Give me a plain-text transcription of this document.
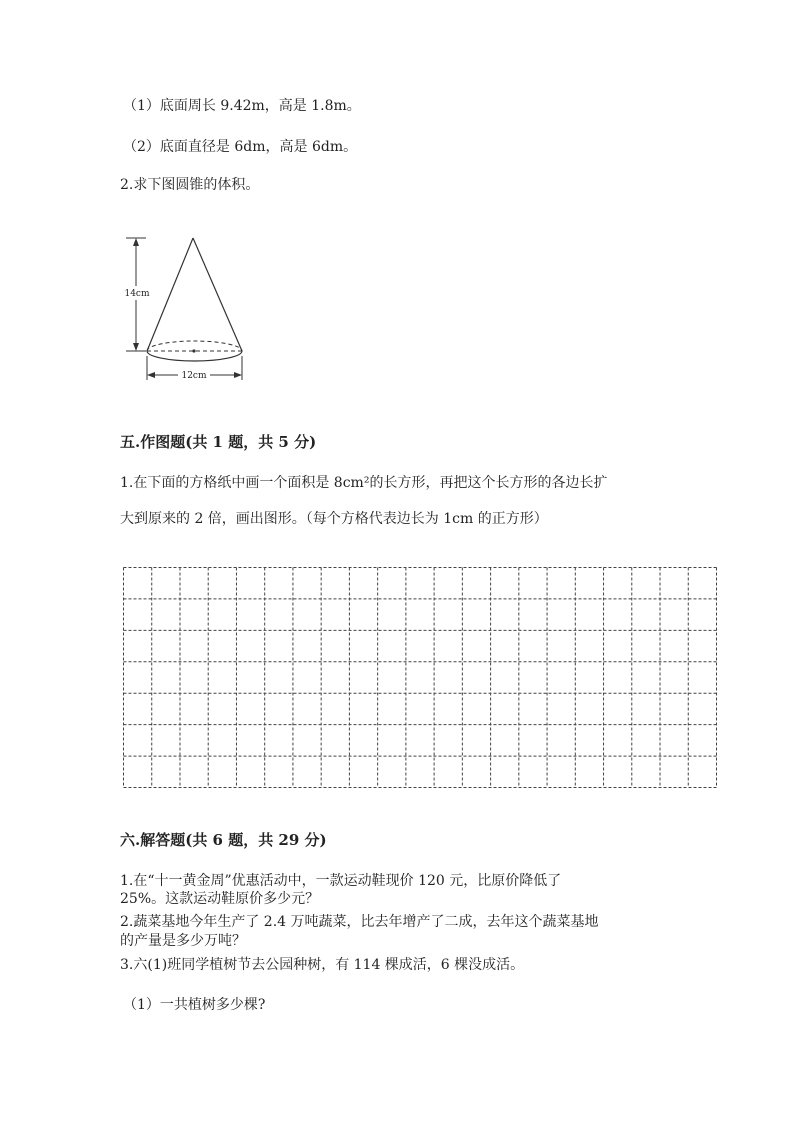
（1）底面周长 9.42m，高是 1.8m。
（2）底面直径是 6dm，高是 6dm。
2.求下图圆锥的体积。
14cm
12cm
五.作图题(共 1 题，共 5 分)
1.在下面的方格纸中画一个面积是 8cm²的长方形，再把这个长方形的各边长扩
大到原来的 2 倍，画出图形。（每个方格代表边长为 1cm 的正方形）
六.解答题(共 6 题，共 29 分)
1.在“十一黄金周”优惠活动中，一款运动鞋现价 120 元，比原价降低了
25%。这款运动鞋原价多少元？
2.蔬菜基地今年生产了 2.4 万吨蔬菜，比去年增产了二成，去年这个蔬菜基地
的产量是多少万吨？
3.六(1)班同学植树节去公园种树，有 114 棵成活，6 棵没成活。
（1）一共植树多少棵?
